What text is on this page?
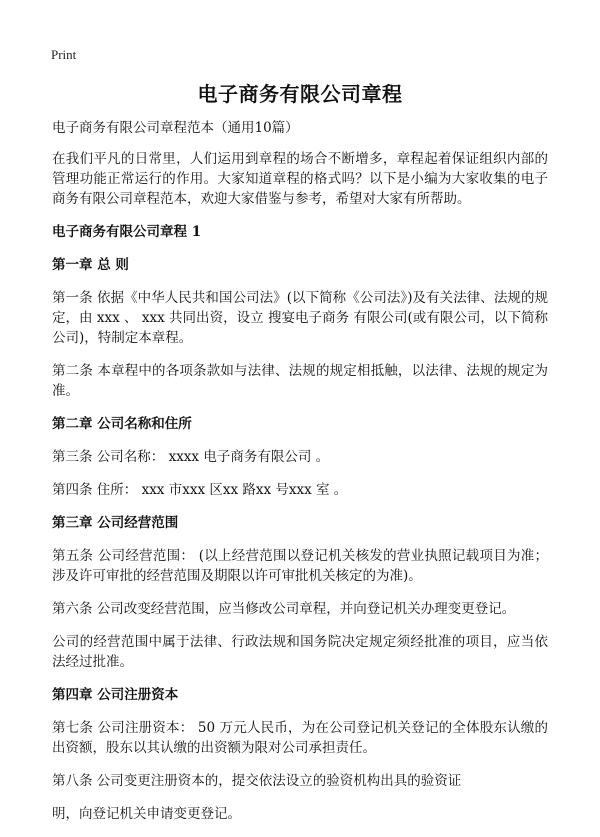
Print
电子商务有限公司章程
电子商务有限公司章程范本（通用10篇）

在我们平凡的日常里，人们运用到章程的场合不断增多，章程起着保证组织内部的管理功能正常运行的作用。大家知道章程的格式吗？以下是小编为大家收集的电子商务有限公司章程范本，欢迎大家借鉴与参考，希望对大家有所帮助。

电子商务有限公司章程 1
第一章 总 则

第一条 依据《中华人民共和国公司法》(以下简称《公司法》)及有关法律、法规的规定，由 xxx 、 xxx 共同出资，设立 搜宴电子商务 有限公司(或有限公司，以下简称公司)，特制定本章程。

第二条 本章程中的各项条款如与法律、法规的规定相抵触，以法律、法规的规定为准。

第二章 公司名称和住所

第三条 公司名称： xxxx 电子商务有限公司 。

第四条 住所： xxx 市xxx 区xx 路xx 号xxx 室 。

第三章 公司经营范围

第五条 公司经营范围： (以上经营范围以登记机关核发的营业执照记载项目为准；涉及许可审批的经营范围及期限以许可审批机关核定的为准)。

第六条 公司改变经营范围，应当修改公司章程，并向登记机关办理变更登记。

公司的经营范围中属于法律、行政法规和国务院决定规定须经批准的项目，应当依法经过批准。

第四章 公司注册资本

第七条 公司注册资本： 50 万元人民币，为在公司登记机关登记的全体股东认缴的出资额，股东以其认缴的出资额为限对公司承担责任。

第八条 公司变更注册资本的，提交依法设立的验资机构出具的验资证

明，向登记机关申请变更登记。
